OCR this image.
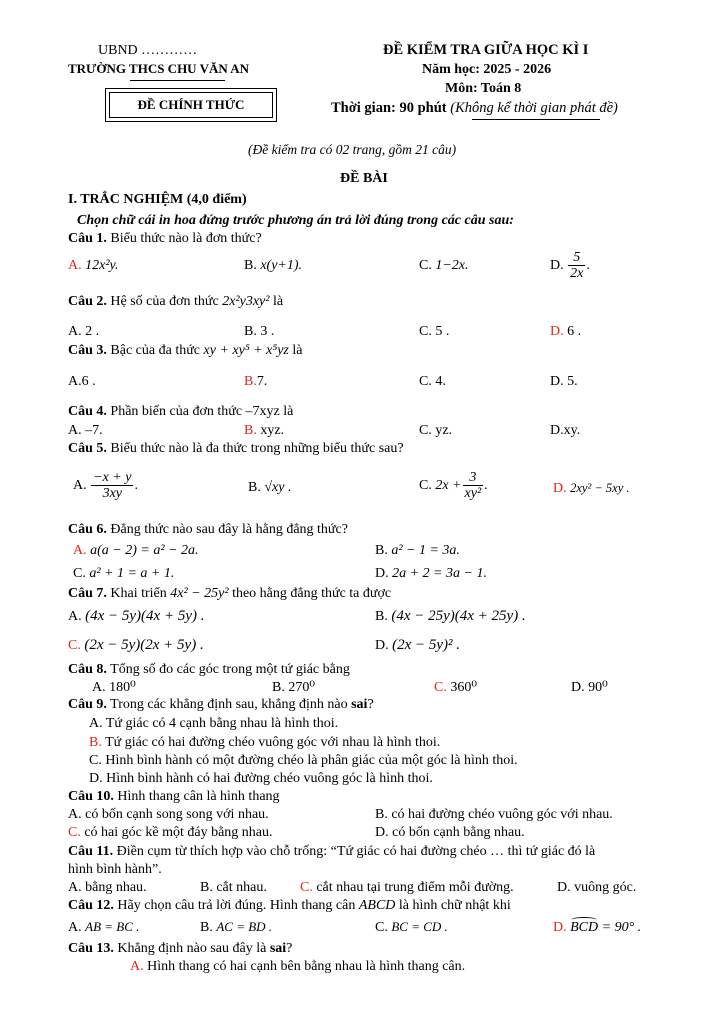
UBND …………
TRƯỜNG THCS CHU VĂN AN
ĐỀ CHÍNH THỨC
ĐỀ KIỂM TRA GIỮA HỌC KÌ I
Năm học: 2025 - 2026
Môn: Toán 8
Thời gian: 90 phút (Không kể thời gian phát đề)
(Đề kiểm tra có 02 trang, gồm 21 câu)
ĐỀ BÀI
I. TRẮC NGHIỆM (4,0 điểm)
Chọn chữ cái in hoa đứng trước phương án trả lời đúng trong các câu sau:
Câu 1. Biểu thức nào là đơn thức?
A. 12x²y.	B. x(y+1).	C. 1−2x.	D. $\frac{5}{2x}$ .
Câu 2. Hệ số của đơn thức 2x²y3xy² là
A. 2 .	B. 3 .	C. 5 .	D. 6 .
Câu 3. Bậc của đa thức xy + xy⁵ + x⁵yz là
A.6 .	B.7.	C. 4.	D. 5.
Câu 4. Phần biến của đơn thức –7xyz là
A. –7.	B. xyz.	C. yz.	D.xy.
Câu 5. Biểu thức nào là đa thức trong những biểu thức sau?
A. $\frac{-x + y}{3xy}$ .	B. √xy .	C. $2x + \frac{3}{\text{xy²}}$ .	D. 2xy² − 5xy .
Câu 6. Đẳng thức nào sau đây là hằng đẳng thức?
A. a(a − 2) = a² − 2a.	B. a² − 1 = 3a.
C. a² + 1 = a + 1.	D. 2a + 2 = 3a − 1.
Câu 7. Khai triển 4x² − 25y² theo hằng đẳng thức ta được
A. (4x − 5y)(4x + 5y) .	B. (4x − 25y)(4x + 25y) .
C. (2x − 5y)(2x + 5y) .	D. (2x − 5y)² .
Câu 8. Tổng số đo các góc trong một tứ giác bằng
A. 180⁰	B. 270⁰	C. 360⁰	D. 90⁰
Câu 9. Trong các khẳng định sau, khẳng định nào sai?
A. Tứ giác có 4 cạnh bằng nhau là hình thoi.
B. Tứ giác có hai đường chéo vuông góc với nhau là hình thoi.
C. Hình bình hành có một đường chéo là phân giác của một góc là hình thoi.
D. Hình bình hành có hai đường chéo vuông góc là hình thoi.
Câu 10. Hình thang cân là hình thang
A. có bốn cạnh song song với nhau.	B. có hai đường chéo vuông góc với nhau.
C. có hai góc kề một đáy bằng nhau.	D. có bốn cạnh bằng nhau.
Câu 11. Điền cụm từ thích hợp vào chỗ trống: “Tứ giác có hai đường chéo … thì tứ giác đó là
hình bình hành”.
A. bằng nhau.	B. cắt nhau. C. cắt nhau tại trung điểm mỗi đường.	D. vuông góc.
Câu 12. Hãy chọn câu trả lời đúng. Hình thang cân ABCD là hình chữ nhật khi
A. AB = BC .	B. AC = BD .	C. BC = CD .	D. BCD = 90° .
Câu 13. Khẳng định nào sau đây là sai?
A. Hình thang có hai cạnh bên bằng nhau là hình thang cân.
